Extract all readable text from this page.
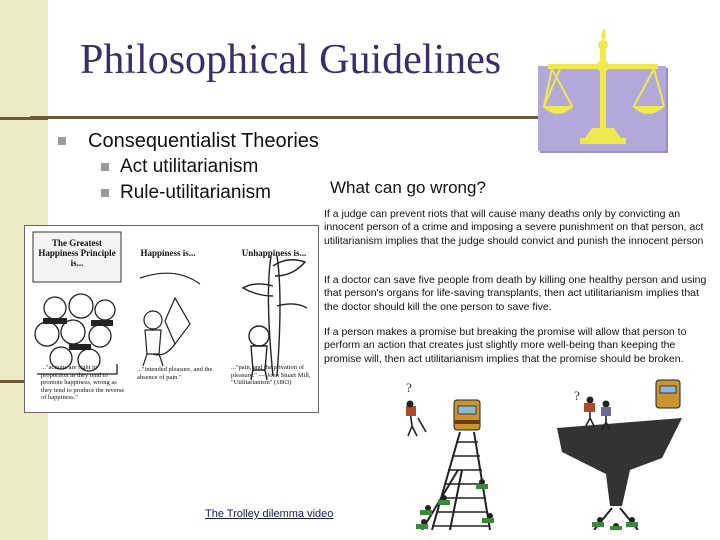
Philosophical Guidelines
Consequentialist Theories
Act utilitarianism
Rule-utilitarianism	What can go wrong?
If a judge can prevent riots that will cause many deaths only by convicting an innocent person of a crime and imposing a severe punishment on that person, act utilitarianism implies that the judge should convict and punish the innocent person
If a doctor can save five people from death by killing one healthy person and using that person's organs for life-saving transplants, then act utilitarianism implies that the doctor should kill the one person to save five.
If a person makes a promise but breaking the promise will allow that person to perform an action that creates just slightly more well-being than keeping the promise will, then act utilitarianism implies that the promise should be broken.
The Greatest Happiness Principle is...
Happiness is...	Unhappiness is...
..."actions are right in proportion as they tend to promote happiness, wrong as they tend to produce the reverse of happiness."
..."intended pleasure, and the absence of pain."
..."pain, and the privation of pleasure." — John Stuart Mill, "Utilitarianism" (1863)	?
?
The Trolley dilemma video
